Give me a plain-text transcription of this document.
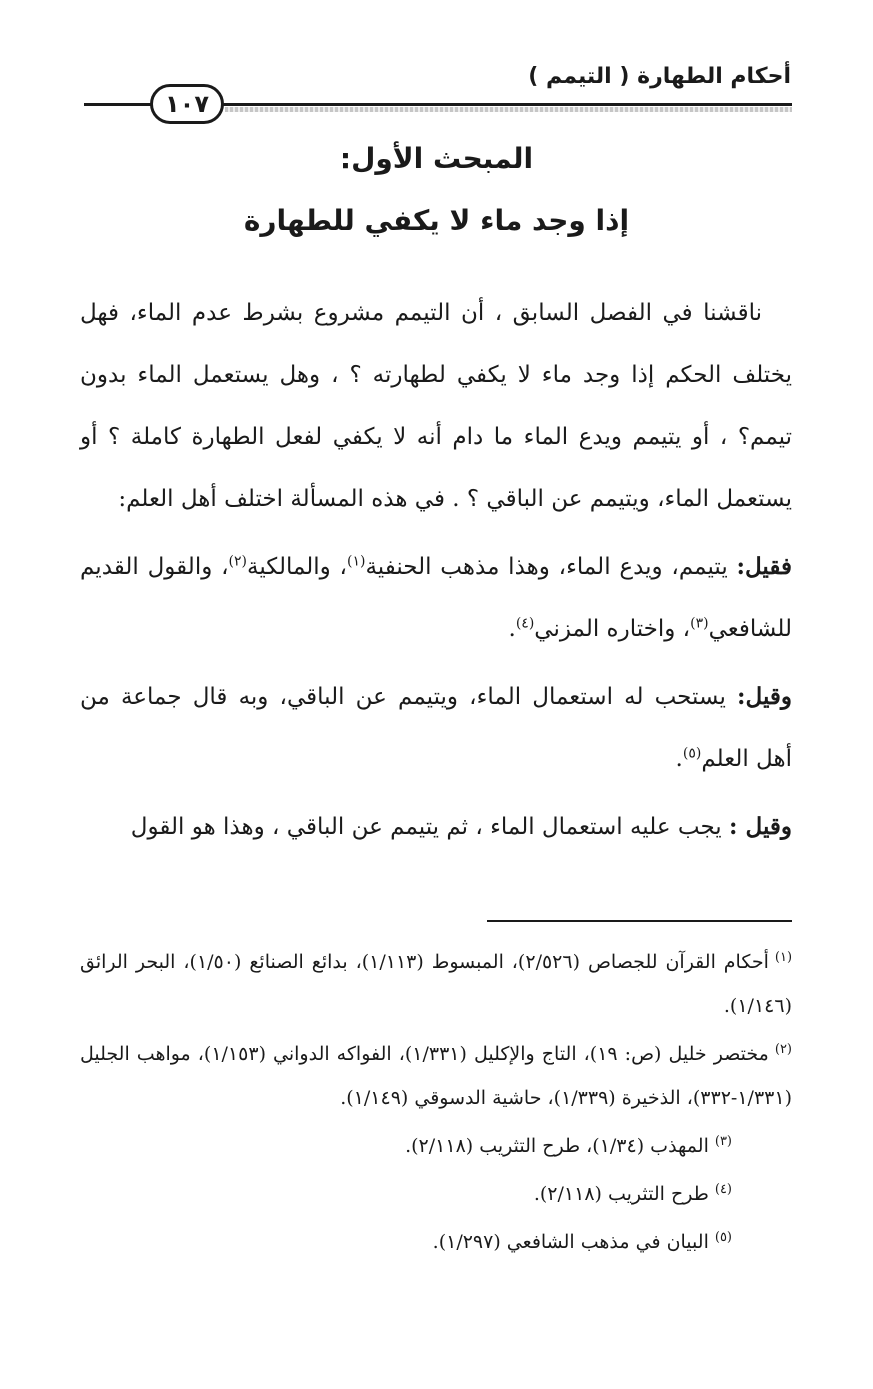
أحكام الطهارة ( التيمم )
١٠٧
المبحث الأول:
إذا وجد ماء لا يكفي للطهارة

ناقشنا في الفصل السابق ، أن التيمم مشروع بشرط عدم الماء، فهل يختلف الحكم إذا وجد ماء لا يكفي لطهارته ؟ ، وهل يستعمل الماء بدون تيمم؟ ، أو يتيمم ويدع الماء ما دام أنه لا يكفي لفعل الطهارة كاملة ؟ أو يستعمل الماء، ويتيمم عن الباقي ؟ . في هذه المسألة اختلف أهل العلم:

فقيل: يتيمم، ويدع الماء، وهذا مذهب الحنفية$^{(١)}$، والمالكية$^{(٢)}$، والقول القديم للشافعي$^{(٣)}$، واختاره المزني$^{(٤)}$.

وقيل: يستحب له استعمال الماء، ويتيمم عن الباقي، وبه قال جماعة من أهل العلم$^{(٥)}$.

وقيل : يجب عليه استعمال الماء ، ثم يتيمم عن الباقي ، وهذا هو القول

$^{(١)}$أحكام القرآن للجصاص (٢/٥٢٦)، المبسوط (١/١١٣)، بدائع الصنائع (١/٥٠)، البحر الرائق (١/١٤٦).

$^{(٢)}$مختصر خليل (ص: ١٩)، التاج والإكليل (١/٣٣١)، الفواكه الدواني (١/١٥٣)، مواهب الجليل (١/٣٣١-٣٣٢)، الذخيرة (١/٣٣٩)، حاشية الدسوقي (١/١٤٩).

$^{(٣)}$المهذب (١/٣٤)، طرح التثريب (٢/١١٨).

$^{(٤)}$طرح التثريب (٢/١١٨).

$^{(٥)}$البيان في مذهب الشافعي (١/٢٩٧).
